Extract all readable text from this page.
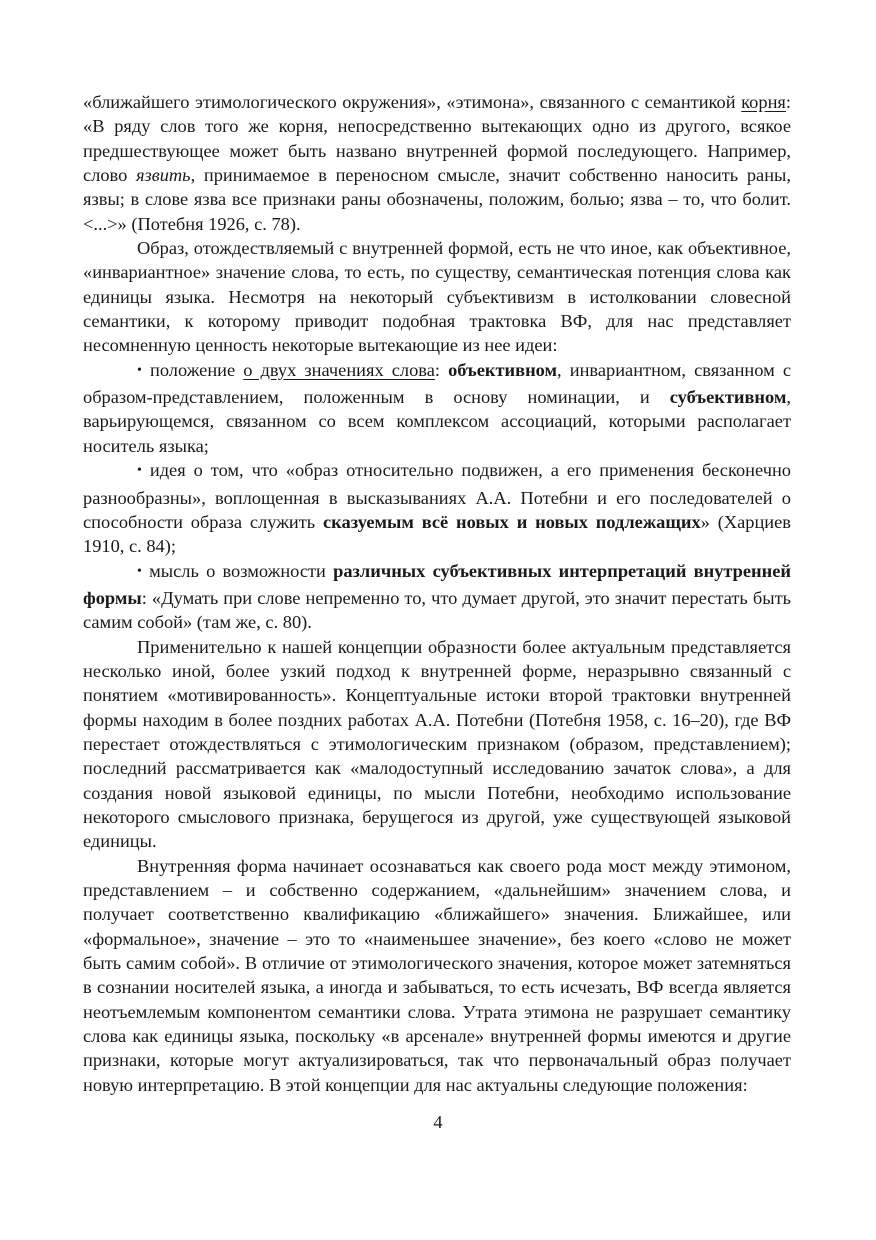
«ближайшего этимологического окружения», «этимона», связанного с семантикой корня: «В ряду слов того же корня, непосредственно вытекающих одно из другого, всякое предшествующее может быть названо внутренней формой последующего. Например, слово язвить, принимаемое в переносном смысле, значит собственно наносить раны, язвы; в слове язва все признаки раны обозначены, положим, болью; язва – то, что болит. <...>» (Потебня 1926, с. 78).

Образ, отождествляемый с внутренней формой, есть не что иное, как объективное, «инвариантное» значение слова, то есть, по существу, семантическая потенция слова как единицы языка. Несмотря на некоторый субъективизм в истолковании словесной семантики, к которому приводит подобная трактовка ВФ, для нас представляет несомненную ценность некоторые вытекающие из нее идеи:

• положение о двух значениях слова: объективном, инвариантном, связанном с образом-представлением, положенным в основу номинации, и субъективном, варьирующемся, связанном со всем комплексом ассоциаций, которыми располагает носитель языка;

• идея о том, что «образ относительно подвижен, а его применения бесконечно разнообразны», воплощенная в высказываниях А.А. Потебни и его последователей о способности образа служить сказуемым всё новых и новых подлежащих» (Харциев 1910, с. 84);

• мысль о возможности различных субъективных интерпретаций внутренней формы: «Думать при слове непременно то, что думает другой, это значит перестать быть самим собой» (там же, с. 80).

Применительно к нашей концепции образности более актуальным представляется несколько иной, более узкий подход к внутренней форме, неразрывно связанный с понятием «мотивированность». Концептуальные истоки второй трактовки внутренней формы находим в более поздних работах А.А. Потебни (Потебня 1958, с. 16–20), где ВФ перестает отождествляться с этимологическим признаком (образом, представлением); последний рассматривается как «малодоступный исследованию зачаток слова», а для создания новой языковой единицы, по мысли Потебни, необходимо использование некоторого смыслового признака, берущегося из другой, уже существующей языковой единицы.

Внутренняя форма начинает осознаваться как своего рода мост между этимоном, представлением – и собственно содержанием, «дальнейшим» значением слова, и получает соответственно квалификацию «ближайшего» значения. Ближайшее, или «формальное», значение – это то «наименьшее значение», без коего «слово не может быть самим собой». В отличие от этимологического значения, которое может затемняться в сознании носителей языка, а иногда и забываться, то есть исчезать, ВФ всегда является неотъемлемым компонентом семантики слова. Утрата этимона не разрушает семантику слова как единицы языка, поскольку «в арсенале» внутренней формы имеются и другие признаки, которые могут актуализироваться, так что первоначальный образ получает новую интерпретацию. В этой концепции для нас актуальны следующие положения:

4
